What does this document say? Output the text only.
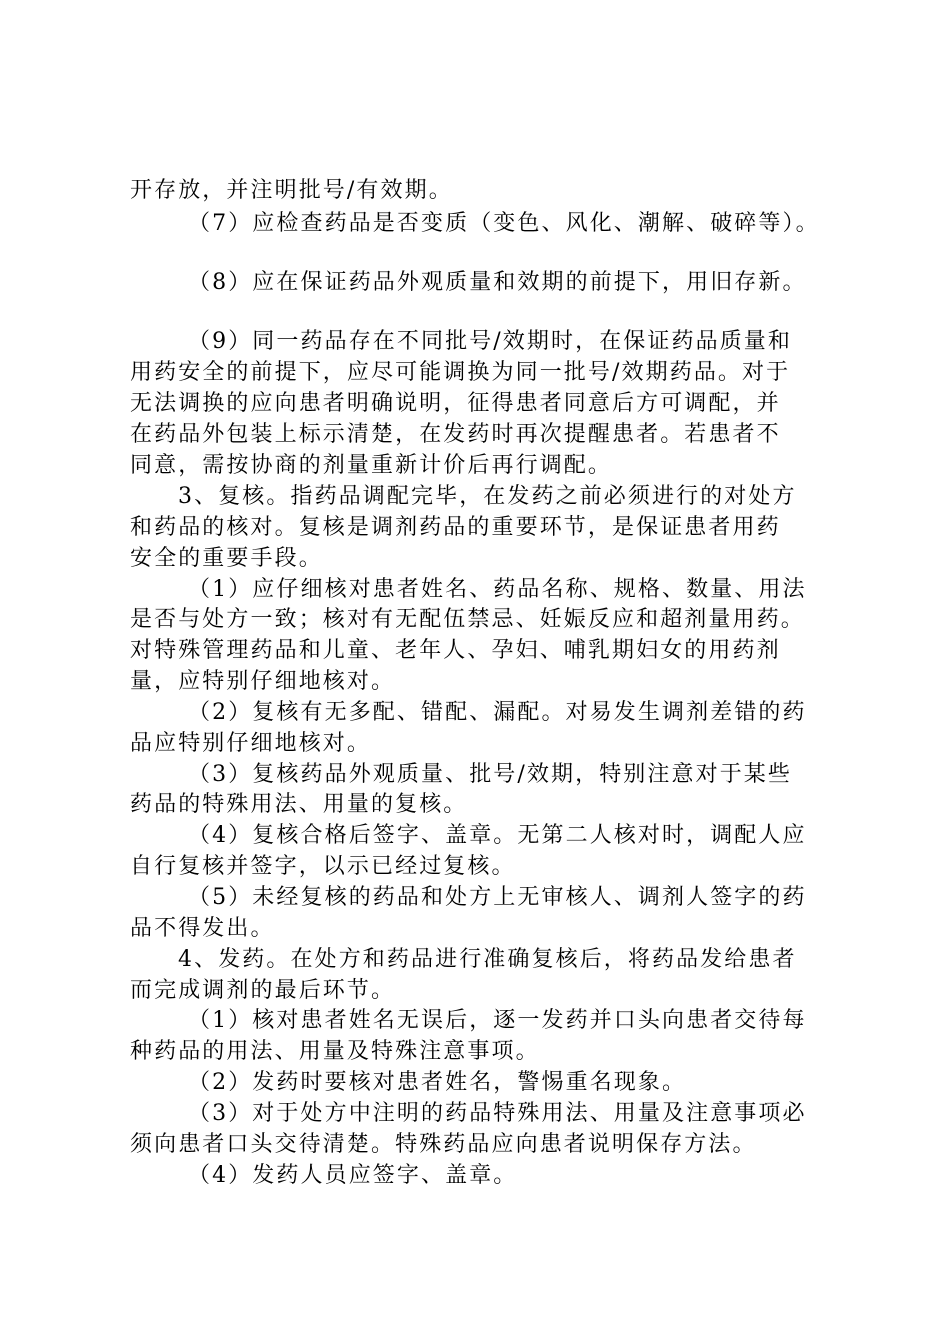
开存放，并注明批号/有效期。
（7）应检查药品是否变质（变色、风化、潮解、破碎等）。
（8）应在保证药品外观质量和效期的前提下，用旧存新。
（9）同一药品存在不同批号/效期时，在保证药品质量和
用药安全的前提下，应尽可能调换为同一批号/效期药品。对于
无法调换的应向患者明确说明，征得患者同意后方可调配，并
在药品外包装上标示清楚，在发药时再次提醒患者。若患者不
同意，需按协商的剂量重新计价后再行调配。
3、复核。指药品调配完毕，在发药之前必须进行的对处方
和药品的核对。复核是调剂药品的重要环节，是保证患者用药
安全的重要手段。
（1）应仔细核对患者姓名、药品名称、规格、数量、用法
是否与处方一致；核对有无配伍禁忌、妊娠反应和超剂量用药。
对特殊管理药品和儿童、老年人、孕妇、哺乳期妇女的用药剂
量，应特别仔细地核对。
（2）复核有无多配、错配、漏配。对易发生调剂差错的药
品应特别仔细地核对。
（3）复核药品外观质量、批号/效期，特别注意对于某些
药品的特殊用法、用量的复核。
（4）复核合格后签字、盖章。无第二人核对时，调配人应
自行复核并签字，以示已经过复核。
（5）未经复核的药品和处方上无审核人、调剂人签字的药
品不得发出。
4、发药。在处方和药品进行准确复核后，将药品发给患者
而完成调剂的最后环节。
（1）核对患者姓名无误后，逐一发药并口头向患者交待每
种药品的用法、用量及特殊注意事项。
（2）发药时要核对患者姓名，警惕重名现象。
（3）对于处方中注明的药品特殊用法、用量及注意事项必
须向患者口头交待清楚。特殊药品应向患者说明保存方法。
（4）发药人员应签字、盖章。
